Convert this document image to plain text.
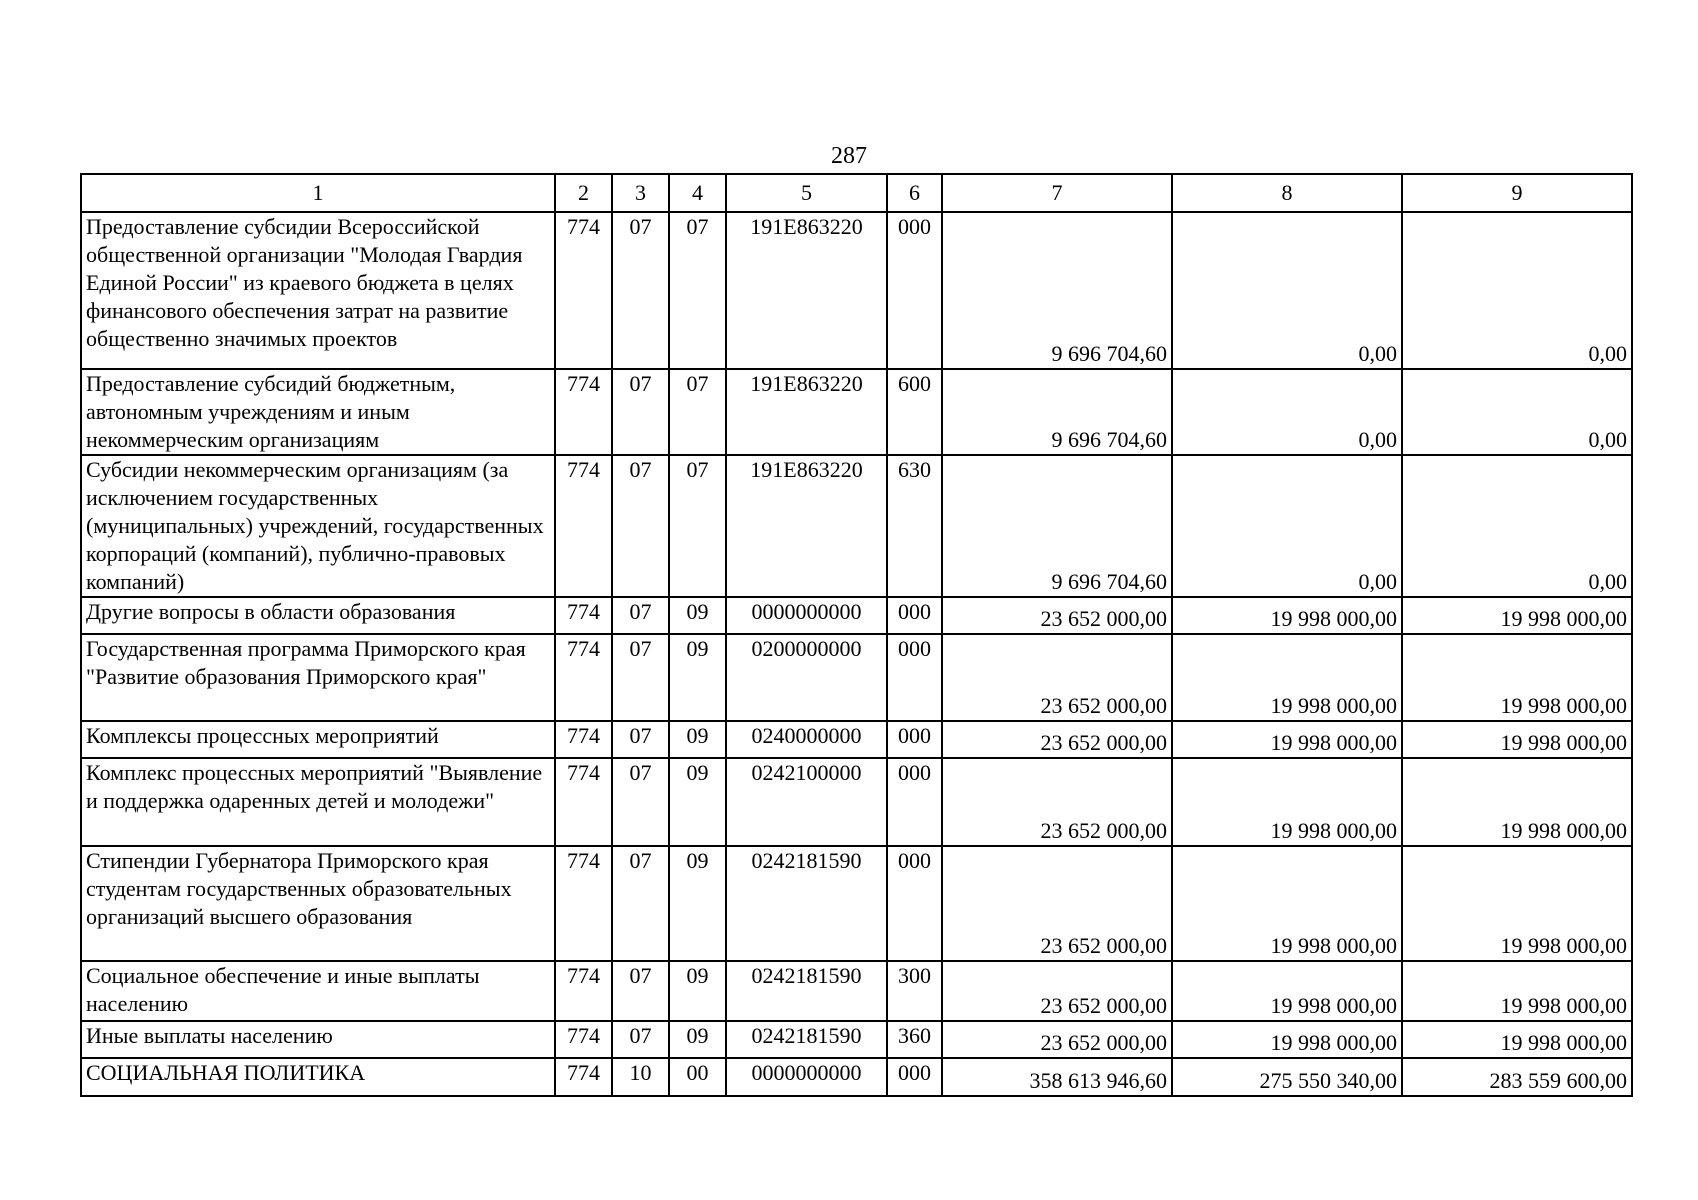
287
1	2	3	4	5	6	7	8	9
Предоставление субсидии Всероссийской общественной организации "Молодая Гвардия Единой России" из краевого бюджета в целях финансового обеспечения затрат на развитие общественно значимых проектов	774	07	07	191E863220	000	9 696 704,60	0,00	0,00
Предоставление субсидий бюджетным, автономным учреждениям и иным некоммерческим организациям	774	07	07	191E863220	600	9 696 704,60	0,00	0,00
Субсидии некоммерческим организациям (за исключением государственных (муниципальных) учреждений, государственных корпораций (компаний), публично-правовых компаний)	774	07	07	191E863220	630	9 696 704,60	0,00	0,00
Другие вопросы в области образования	774	07	09	0000000000	000	23 652 000,00	19 998 000,00	19 998 000,00
Государственная программа Приморского края "Развитие образования Приморского края"	774	07	09	0200000000	000	23 652 000,00	19 998 000,00	19 998 000,00
Комплексы процессных мероприятий	774	07	09	0240000000	000	23 652 000,00	19 998 000,00	19 998 000,00
Комплекс процессных мероприятий "Выявление и поддержка одаренных детей и молодежи"	774	07	09	0242100000	000	23 652 000,00	19 998 000,00	19 998 000,00
Стипендии Губернатора Приморского края студентам государственных образовательных организаций высшего образования	774	07	09	0242181590	000	23 652 000,00	19 998 000,00	19 998 000,00
Социальное обеспечение и иные выплаты населению	774	07	09	0242181590	300	23 652 000,00	19 998 000,00	19 998 000,00
Иные выплаты населению	774	07	09	0242181590	360	23 652 000,00	19 998 000,00	19 998 000,00
СОЦИАЛЬНАЯ ПОЛИТИКА	774	10	00	0000000000	000	358 613 946,60	275 550 340,00	283 559 600,00
